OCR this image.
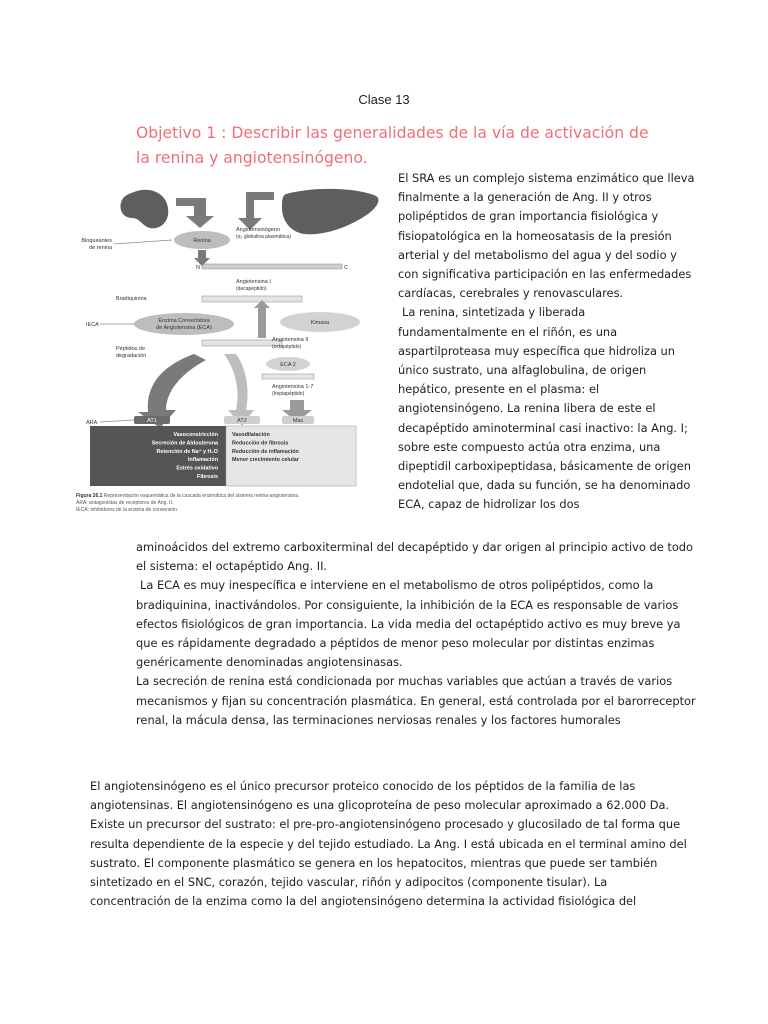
Clase 13
Objetivo 1 : Describir las generalidades de la vía de activación de la renina y angiotensinógeno.

El SRA es un complejo sistema enzimático que lleva finalmente a la generación de Ang. II y otros polipéptidos de gran importancia fisiológica y fisiopatológica en la homeosatasis de la presión arterial y del metabolismo del agua y del sodio y con significativa participación en las enfermedades cardíacas, cerebrales y renovasculares.

La renina, sintetizada y liberada fundamentalmente en el riñón, es una aspartilproteasa muy específica que hidroliza un único sustrato, una alfaglobulina, de origen hepático, presente en el plasma: el angiotensinógeno. La renina libera de este el decapéptido aminoterminal casi inactivo: la Ang. I; sobre este compuesto actúa otra enzima, una dipeptidil carboxipeptidasa, básicamente de origen endotelial que, dada su función, se ha denominado ECA, capaz de hidrolizar los dos

aminoácidos del extremo carboxiterminal del decapéptido y dar origen al principio activo de todo el sistema: el octapéptido Ang. II.

La ECA es muy inespecífica e interviene en el metabolismo de otros polipéptidos, como la bradiquinina, inactivándolos. Por consiguiente, la inhibición de la ECA es responsable de varios efectos fisiológicos de gran importancia. La vida media del octapéptido activo es muy breve ya que es rápidamente degradado a péptidos de menor peso molecular por distintas enzimas genéricamente denominadas angiotensinasas.

La secreción de renina está condicionada por muchas variables que actúan a través de varios mecanismos y fijan su concentración plasmática. En general, está controlada por el barorreceptor renal, la mácula densa, las terminaciones nerviosas renales y los factores humorales

El angiotensinógeno es el único precursor proteico conocido de los péptidos de la familia de las angiotensinas. El angiotensinógeno es una glicoproteína de peso molecular aproximado a 62.000 Da. Existe un precursor del sustrato: el pre-pro-angiotensinógeno procesado y glucosilado de tal forma que resulta dependiente de la especie y del tejido estudiado. La Ang. I está ubicada en el terminal amino del sustrato. El componente plasmático se genera en los hepatocitos, mientras que puede ser también sintetizado en el SNC, corazón, tejido vascular, riñón y adipocitos (componente tisular). La concentración de la enzima como la del angiotensinógeno determina la actividad fisiológica del

Renina
Bloqueantes
de renina
Angiotensinógeno
(α₂ globulina plasmática)
N	C
Angiotensina I
(decapéptido)
Bradiquinina
Enzima Convertidora
de Angiotensina (ECA)
IECA	Kimasa
Péptidos de
degradación
Angiotensina II
(octapéptido)
ECA 2
Angiotensina 1-7
(heptapéptido)
AT1	AT2	Mas
ARA
Vasoconstricción
Secreción de Aldosterona
Retención de Na⁺ y H₂O
Inflamación
Estrés oxidativo
Fibrosis
Vasodilatación
Reducción de fibrosis
Reducción de inflamación
Menor crecimiento celular
Figura 26.1 Representación esquemática de la cascada enzimática del sistema renina-angiotensina.
ARA: antagonistas de receptores de Ang. II.
IECA: inhibidores de la enzima de conversión.
